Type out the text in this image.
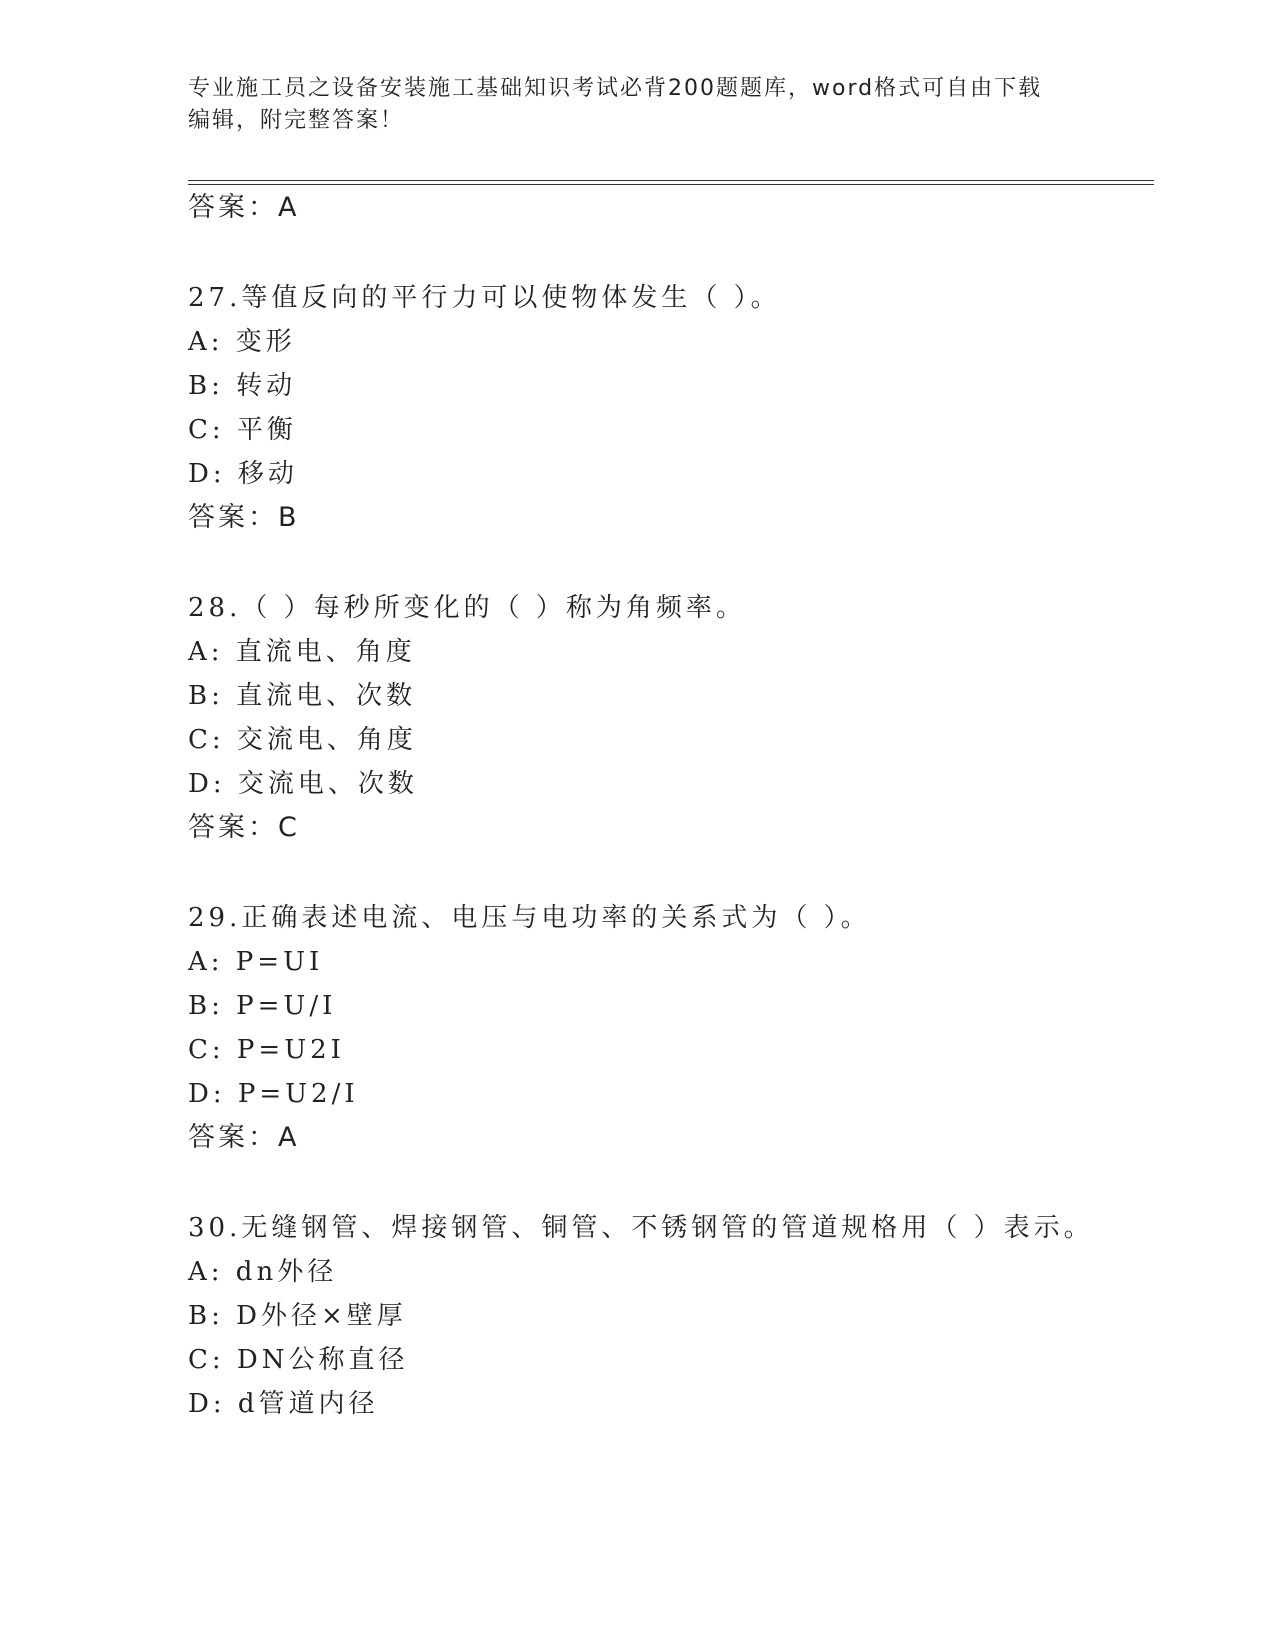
专业施工员之设备安装施工基础知识考试必背200题题库，word格式可自由下载
编辑，附完整答案！
答案：A
27.等值反向的平行力可以使物体发生（ ）。
A: 变形
B: 转动
C: 平衡
D: 移动
答案：B
28.（ ）每秒所变化的（ ）称为角频率。
A: 直流电、角度
B: 直流电、次数
C: 交流电、角度
D: 交流电、次数
答案：C
29.正确表述电流、电压与电功率的关系式为（ ）。
A: P=UI
B: P=U/I
C: P=U2I
D: P=U2/I
答案：A
30.无缝钢管、焊接钢管、铜管、不锈钢管的管道规格用（ ）表示。
A: dn外径
B: D外径×壁厚
C: DN公称直径
D: d管道内径
